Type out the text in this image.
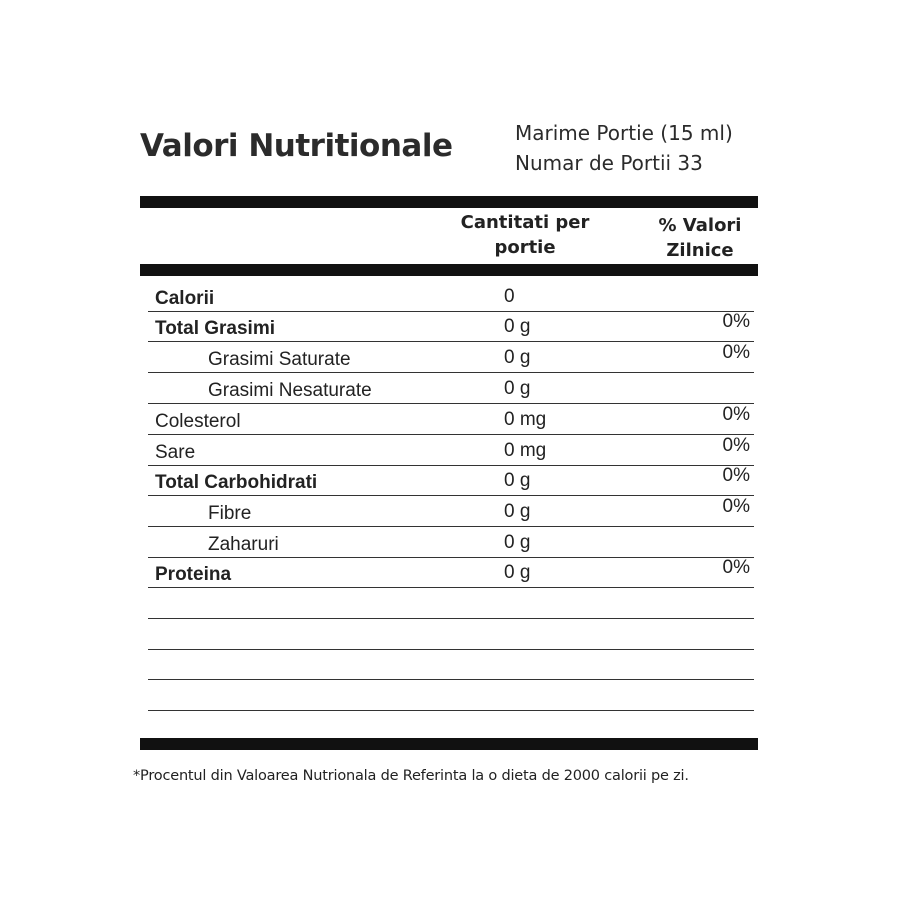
Valori Nutritionale	Marime Portie (15 ml)
Numar de Portii 33
Cantitati per
portie
% Valori
Zilnice
Calorii	0
Total Grasimi	0 g	0%
Grasimi Saturate	0 g	0%
Grasimi Nesaturate	0 g
Colesterol	0 mg	0%
Sare	0 mg	0%
Total Carbohidrati	0 g	0%
Fibre	0 g	0%
Zaharuri	0 g
Proteina	0 g	0%
*Procentul din Valoarea Nutrionala de Referinta la o dieta de 2000 calorii pe zi.
